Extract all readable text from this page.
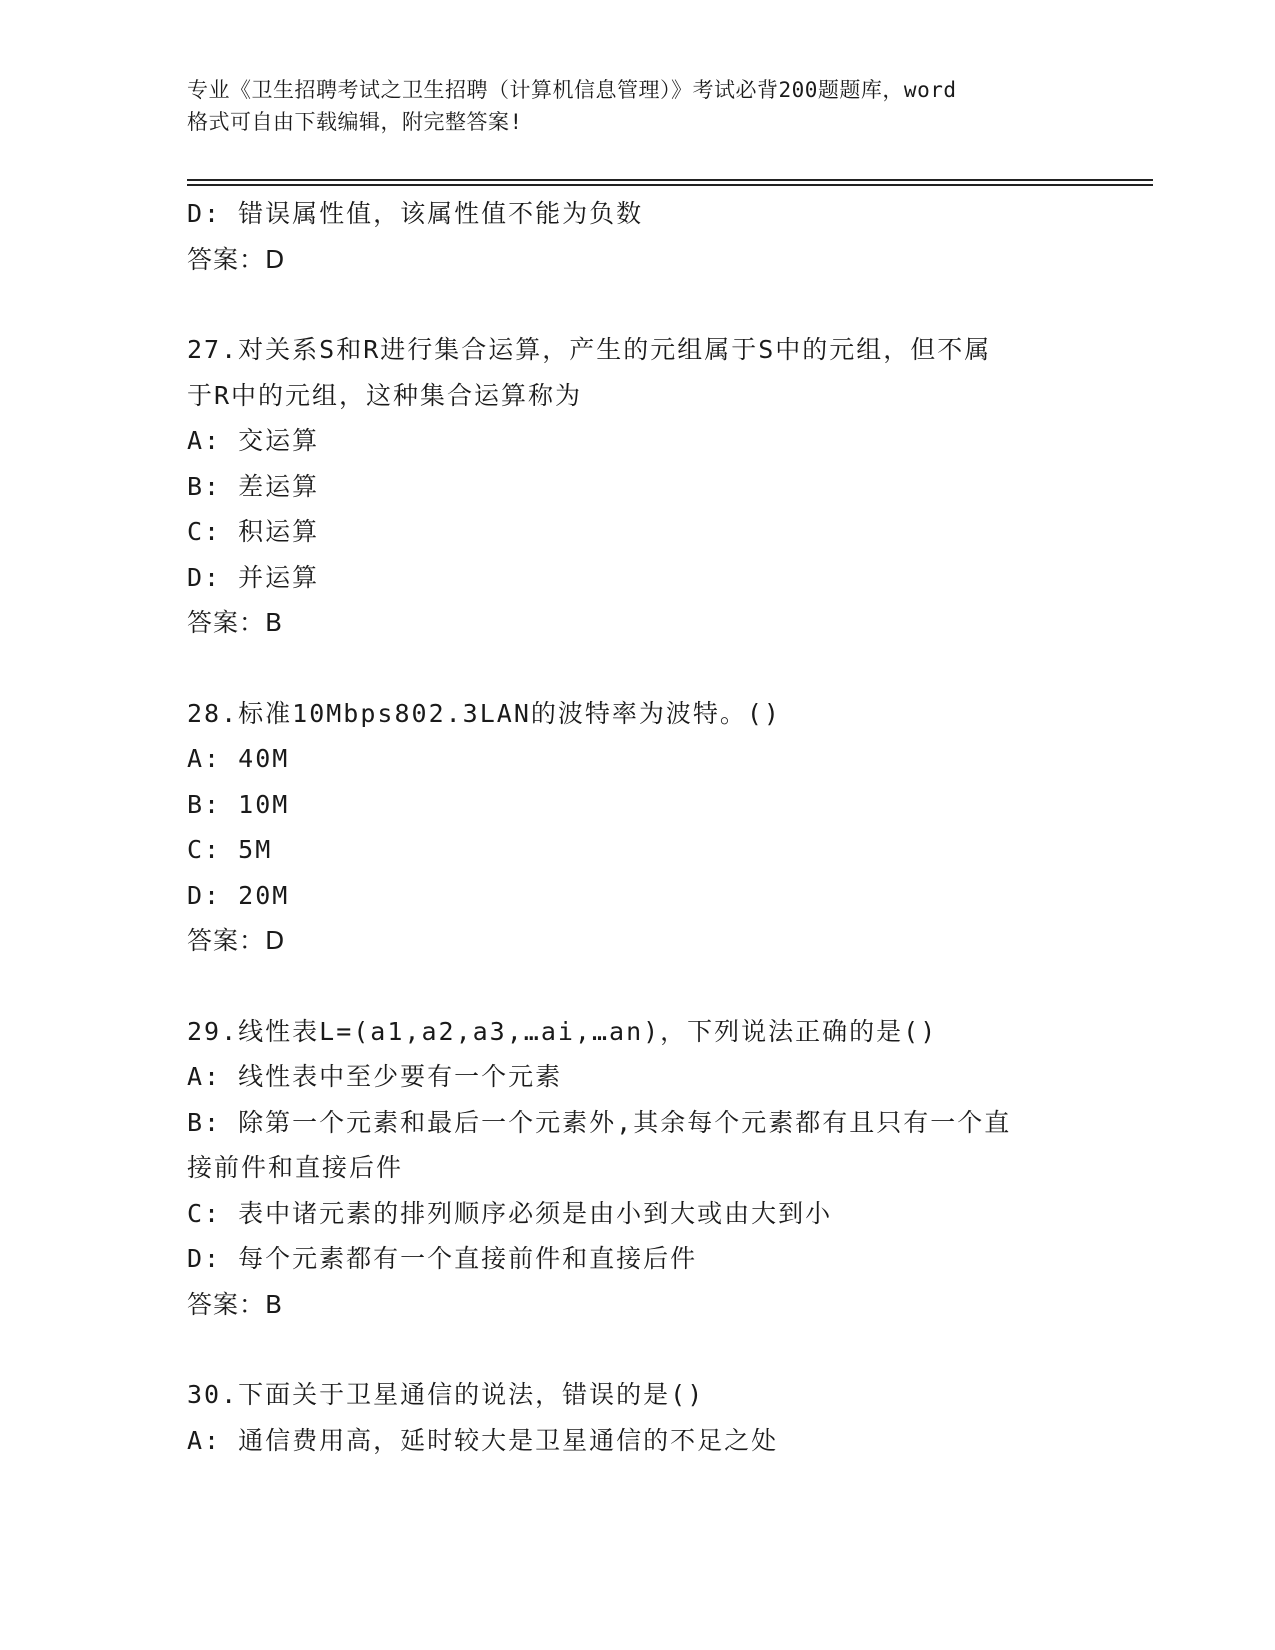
专业《卫生招聘考试之卫生招聘（计算机信息管理）》考试必背200题题库，word
格式可自由下载编辑，附完整答案!
D: 错误属性值，该属性值不能为负数
答案：D
27.对关系S和R进行集合运算，产生的元组属于S中的元组，但不属
于R中的元组，这种集合运算称为
A: 交运算
B: 差运算
C: 积运算
D: 并运算
答案：B
28.标准10Mbps802.3LAN的波特率为波特。()
A: 40M
B: 10M
C: 5M
D: 20M
答案：D
29.线性表L=(a1,a2,a3,…ai,…an)，下列说法正确的是()
A: 线性表中至少要有一个元素
B: 除第一个元素和最后一个元素外,其余每个元素都有且只有一个直
接前件和直接后件
C: 表中诸元素的排列顺序必须是由小到大或由大到小
D: 每个元素都有一个直接前件和直接后件
答案：B
30.下面关于卫星通信的说法，错误的是()
A: 通信费用高，延时较大是卫星通信的不足之处
